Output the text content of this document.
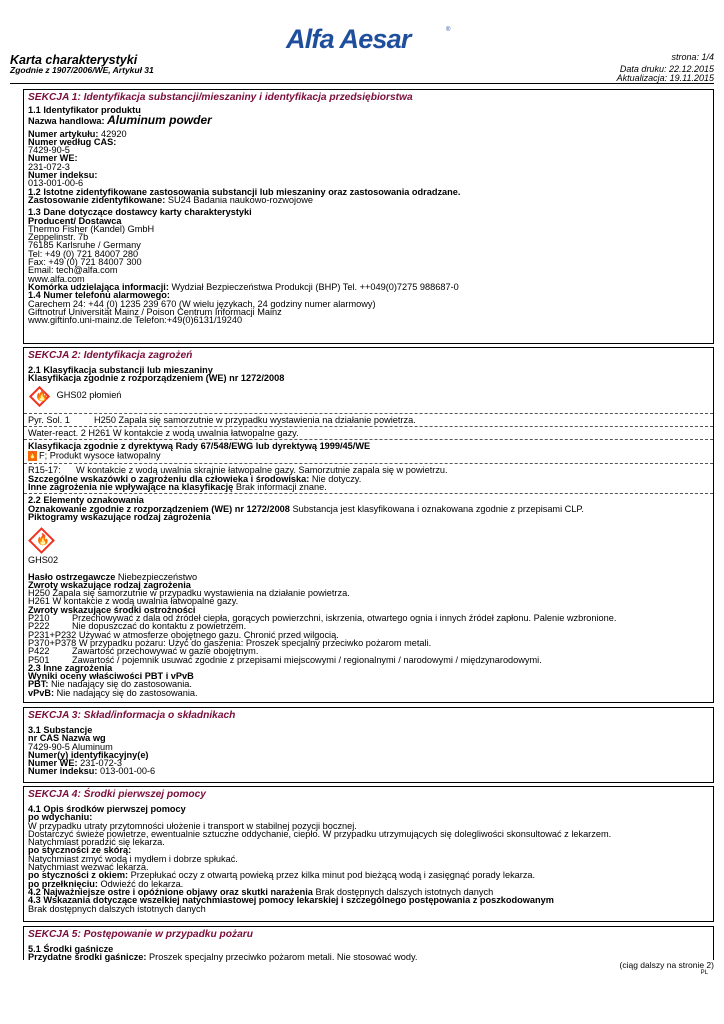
Alfa Aesar	®
Karta charakterystyki
Zgodnie z 1907/2006/WE, Artykuł 31
strona: 1/4
Data druku: 22.12.2015
Aktualizacja: 19.11.2015
SEKCJA 1: Identyfikacja substancji/mieszaniny i identyfikacja przedsiębiorstwa
1.1 Identyfikator produktu
Nazwa handlowa: Aluminum powder
Numer artykułu: 42920
Numer według CAS:
7429-90-5
Numer WE:
231-072-3
Numer indeksu:
013-001-00-6
1.2 Istotne zidentyfikowane zastosowania substancji lub mieszaniny oraz zastosowania odradzane.
Zastosowanie zidentyfikowane: SU24 Badania naukowo-rozwojowe
1.3 Dane dotyczące dostawcy karty charakterystyki
Producent/ Dostawca
Thermo Fisher (Kandel) GmbH
Zeppelinstr. 7b
76185 Karlsruhe / Germany
Tel: +49 (0) 721 84007 280
Fax: +49 (0) 721 84007 300
Email: tech@alfa.com
www.alfa.com
Komórka udzielająca informacji: Wydział Bezpieczeństwa Produkcji (BHP) Tel. ++049(0)7275 988687-0
1.4 Numer telefonu alarmowego:
Carechem 24: +44 (0) 1235 239 670 (W wielu językach, 24 godziny numer alarmowy)
Giftnotruf Universität Mainz / Poison Centrum Informacji Mainz
www.giftinfo.uni-mainz.de Telefon:+49(0)6131/19240
SEKCJA 2: Identyfikacja zagrożeń
2.1 Klasyfikacja substancji lub mieszaniny
Klasyfikacja zgodnie z rozporządzeniem (WE) nr 1272/2008
🔥 GHS02 płomień
Pyr. Sol. 1	H250 Zapala się samorzutnie w przypadku wystawienia na działanie powietrza.
Water-react. 2 H261 W kontakcie z wodą uwalnia łatwopalne gazy.
Klasyfikacja zgodnie z dyrektywą Rady 67/548/EWG lub dyrektywą 1999/45/WE
🔥 F; Produkt wysoce łatwopalny
R15-17: W kontakcie z wodą uwalnia skrajnie łatwopalne gazy. Samorzutnie zapala się w powietrzu.
Szczególne wskazówki o zagrożeniu dla człowieka i środowiska: Nie dotyczy.
Inne zagrożenia nie wpływające na klasyfikację Brak informacji znane.
2.2 Elementy oznakowania
Oznakowanie zgodnie z rozporządzeniem (WE) nr 1272/2008 Substancja jest klasyfikowana i oznakowana zgodnie z przepisami CLP.
Piktogramy wskazujące rodzaj zagrożenia
🔥
GHS02
Hasło ostrzegawcze Niebezpieczeństwo
Zwroty wskazujące rodzaj zagrożenia
H250 Zapala się samorzutnie w przypadku wystawienia na działanie powietrza.
H261 W kontakcie z wodą uwalnia łatwopalne gazy.
Zwroty wskazujące środki ostrożności
P210 Przechowywać z dala od źródeł ciepła, gorących powierzchni, iskrzenia, otwartego ognia i innych źródeł zapłonu. Palenie wzbronione.
P222 Nie dopuszczać do kontaktu z powietrzem.
P231+P232 Używać w atmosferze obojętnego gazu. Chronić przed wilgocią.
P370+P378 W przypadku pożaru: Użyć do gaszenia: Proszek specjalny przeciwko pożarom metali.
P422 Zawartość przechowywać w gazie obojętnym.
P501 Zawartość / pojemnik usuwać zgodnie z przepisami miejscowymi / regionalnymi / narodowymi / międzynarodowymi.
2.3 Inne zagrożenia
Wyniki oceny właściwości PBT i vPvB
PBT: Nie nadający się do zastosowania.
vPvB: Nie nadający się do zastosowania.
SEKCJA 3: Skład/informacja o składnikach
3.1 Substancje
nr CAS Nazwa wg
7429-90-5 Aluminum
Numer(y) identyfikacyjny(e)
Numer WE: 231-072-3
Numer indeksu: 013-001-00-6
SEKCJA 4: Środki pierwszej pomocy
4.1 Opis środków pierwszej pomocy
po wdychaniu:
W przypadku utraty przytomności ułożenie i transport w stabilnej pozycji bocznej.
Dostarczyć świeże powietrze, ewentualnie sztuczne oddychanie, ciepło. W przypadku utrzymujących się dolegliwości skonsultować z lekarzem.
Natychmiast poradzić się lekarza.
po styczności ze skórą:
Natychmiast zmyć wodą i mydłem i dobrze spłukać.
Natychmiast wezwać lekarza.
po styczności z okiem: Przepłukać oczy z otwartą powieką przez kilka minut pod bieżącą wodą i zasięgnąć porady lekarza.
po przełknięciu: Odwieźć do lekarza.
4.2 Najważniejsze ostre i opóźnione objawy oraz skutki narażenia Brak dostępnych dalszych istotnych danych
4.3 Wskazania dotyczące wszelkiej natychmiastowej pomocy lekarskiej i szczególnego postępowania z poszkodowanym
Brak dostępnych dalszych istotnych danych
SEKCJA 5: Postępowanie w przypadku pożaru
5.1 Środki gaśnicze
Przydatne środki gaśnicze: Proszek specjalny przeciwko pożarom metali. Nie stosować wody.
(ciąg dalszy na stronie 2)
PL
